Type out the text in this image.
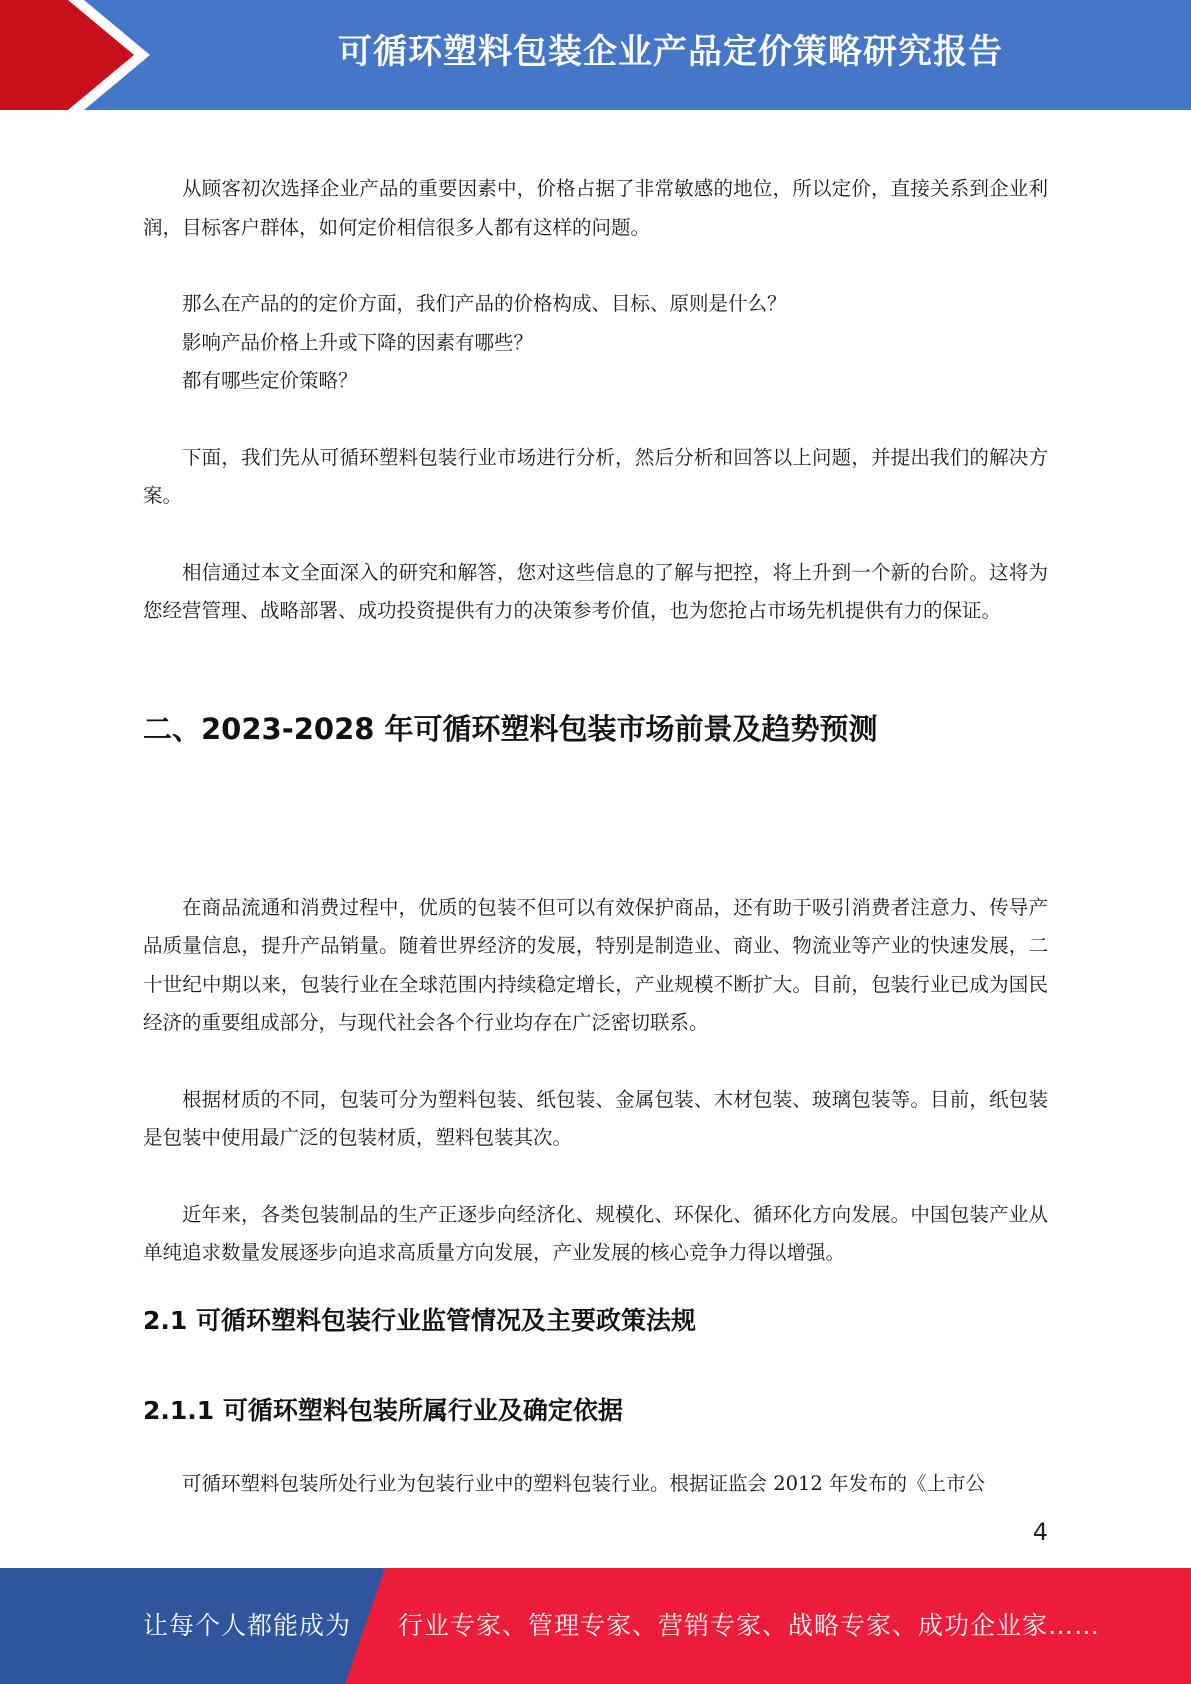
可循环塑料包装企业产品定价策略研究报告

从顾客初次选择企业产品的重要因素中，价格占据了非常敏感的地位，所以定价，直接关系到企业利润，目标客户群体，如何定价相信很多人都有这样的问题。

那么在产品的的定价方面，我们产品的价格构成、目标、原则是什么？

影响产品价格上升或下降的因素有哪些？

都有哪些定价策略？

下面，我们先从可循环塑料包装行业市场进行分析，然后分析和回答以上问题，并提出我们的解决方案。

相信通过本文全面深入的研究和解答，您对这些信息的了解与把控，将上升到一个新的台阶。这将为您经营管理、战略部署、成功投资提供有力的决策参考价值，也为您抢占市场先机提供有力的保证。

二、2023-2028 年可循环塑料包装市场前景及趋势预测

在商品流通和消费过程中，优质的包装不但可以有效保护商品，还有助于吸引消费者注意力、传导产品质量信息，提升产品销量。随着世界经济的发展，特别是制造业、商业、物流业等产业的快速发展，二十世纪中期以来，包装行业在全球范围内持续稳定增长，产业规模不断扩大。目前，包装行业已成为国民经济的重要组成部分，与现代社会各个行业均存在广泛密切联系。

根据材质的不同，包装可分为塑料包装、纸包装、金属包装、木材包装、玻璃包装等。目前，纸包装是包装中使用最广泛的包装材质，塑料包装其次。

近年来，各类包装制品的生产正逐步向经济化、规模化、环保化、循环化方向发展。中国包装产业从单纯追求数量发展逐步向追求高质量方向发展，产业发展的核心竞争力得以增强。

2.1 可循环塑料包装行业监管情况及主要政策法规
2.1.1 可循环塑料包装所属行业及确定依据

可循环塑料包装所处行业为包装行业中的塑料包装行业。根据证监会 2012 年发布的《上市公

4
让每个人都能成为 行业专家、管理专家、营销专家、战略专家、成功企业家……
